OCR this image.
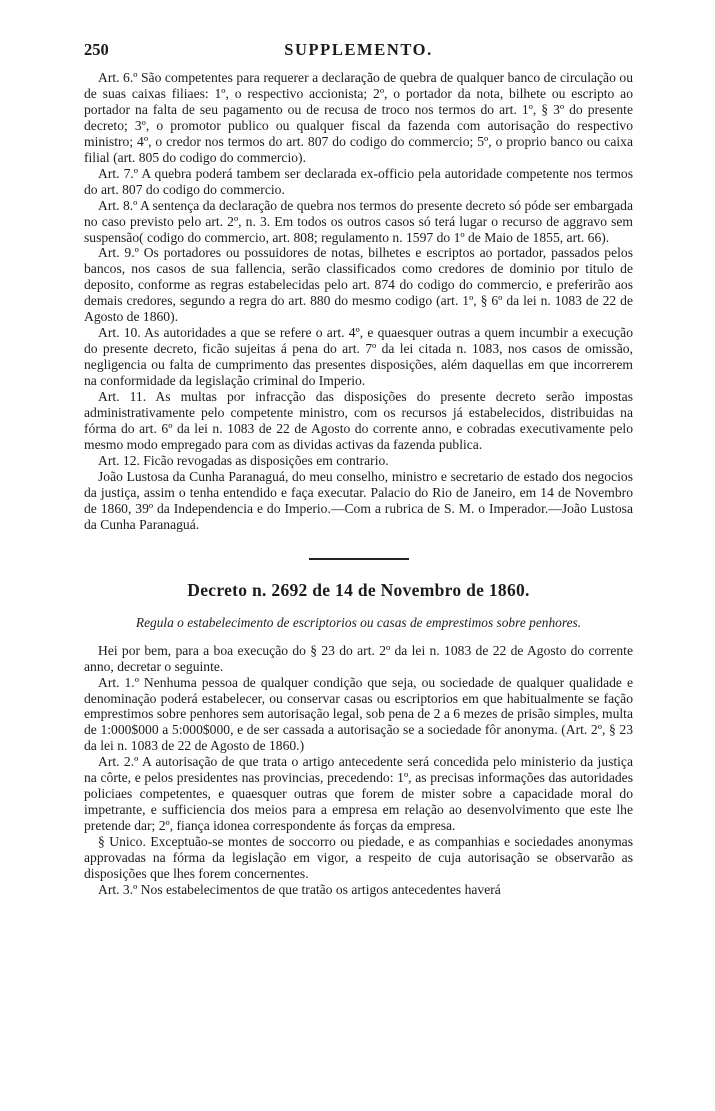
250	SUPPLEMENTO.

Art. 6.º São competentes para requerer a declaração de quebra de qualquer banco de circulação ou de suas caixas filiaes: 1º, o respectivo accionista; 2º, o portador da nota, bilhete ou escripto ao portador na falta de seu pagamento ou de recusa de troco nos termos do art. 1º, § 3º do presente decreto; 3º, o promotor publico ou qualquer fiscal da fazenda com autorisação do respectivo ministro; 4º, o credor nos termos do art. 807 do codigo do commercio; 5º, o proprio banco ou caixa filial (art. 805 do codigo do commercio).

Art. 7.º A quebra poderá tambem ser declarada ex-officio pela autoridade competente nos termos do art. 807 do codigo do commercio.

Art. 8.º A sentença da declaração de quebra nos termos do presente decreto só póde ser embargada no caso previsto pelo art. 2º, n. 3. Em todos os outros casos só terá lugar o recurso de aggravo sem suspensão( codigo do commercio, art. 808; regulamento n. 1597 do 1º de Maio de 1855, art. 66).

Art. 9.º Os portadores ou possuidores de notas, bilhetes e escriptos ao portador, passados pelos bancos, nos casos de sua fallencia, serão classificados como credores de dominio por titulo de deposito, conforme as regras estabelecidas pelo art. 874 do codigo do commercio, e preferirão aos demais credores, segundo a regra do art. 880 do mesmo codigo (art. 1º, § 6º da lei n. 1083 de 22 de Agosto de 1860).

Art. 10. As autoridades a que se refere o art. 4º, e quaesquer outras a quem incumbir a execução do presente decreto, ficão sujeitas á pena do art. 7º da lei citada n. 1083, nos casos de omissão, negligencia ou falta de cumprimento das presentes disposições, além daquellas em que incorrerem na conformidade da legislação criminal do Imperio.

Art. 11. As multas por infracção das disposições do presente decreto serão impostas administrativamente pelo competente ministro, com os recursos já estabelecidos, distribuidas na fórma do art. 6º da lei n. 1083 de 22 de Agosto do corrente anno, e cobradas executivamente pelo mesmo modo empregado para com as dividas activas da fazenda publica.

Art. 12. Ficão revogadas as disposições em contrario.

João Lustosa da Cunha Paranaguá, do meu conselho, ministro e secretario de estado dos negocios da justiça, assim o tenha entendido e faça executar. Palacio do Rio de Janeiro, em 14 de Novembro de 1860, 39º da Independencia e do Imperio.—Com a rubrica de S. M. o Imperador.—João Lustosa da Cunha Paranaguá.

Decreto n. 2692 de 14 de Novembro de 1860.
Regula o estabelecimento de escriptorios ou casas de emprestimos sobre penhores.

Hei por bem, para a boa execução do § 23 do art. 2º da lei n. 1083 de 22 de Agosto do corrente anno, decretar o seguinte.

Art. 1.º Nenhuma pessoa de qualquer condição que seja, ou sociedade de qualquer qualidade e denominação poderá estabelecer, ou conservar casas ou escriptorios em que habitualmente se fação emprestimos sobre penhores sem autorisação legal, sob pena de 2 a 6 mezes de prisão simples, multa de 1:000$000 a 5:000$000, e de ser cassada a autorisação se a sociedade fôr anonyma. (Art. 2º, § 23 da lei n. 1083 de 22 de Agosto de 1860.)

Art. 2.º A autorisação de que trata o artigo antecedente será concedida pelo ministerio da justiça na côrte, e pelos presidentes nas provincias, precedendo: 1º, as precisas informações das autoridades policiaes competentes, e quaesquer outras que forem de mister sobre a capacidade moral do impetrante, e sufficiencia dos meios para a empresa em relação ao desenvolvimento que este lhe pretende dar; 2º, fiança idonea correspondente ás forças da empresa.

§ Unico. Exceptuão-se montes de soccorro ou piedade, e as companhias e sociedades anonymas approvadas na fórma da legislação em vigor, a respeito de cuja autorisação se observarão as disposições que lhes forem concernentes.

Art. 3.º Nos estabelecimentos de que tratão os artigos antecedentes haverá
